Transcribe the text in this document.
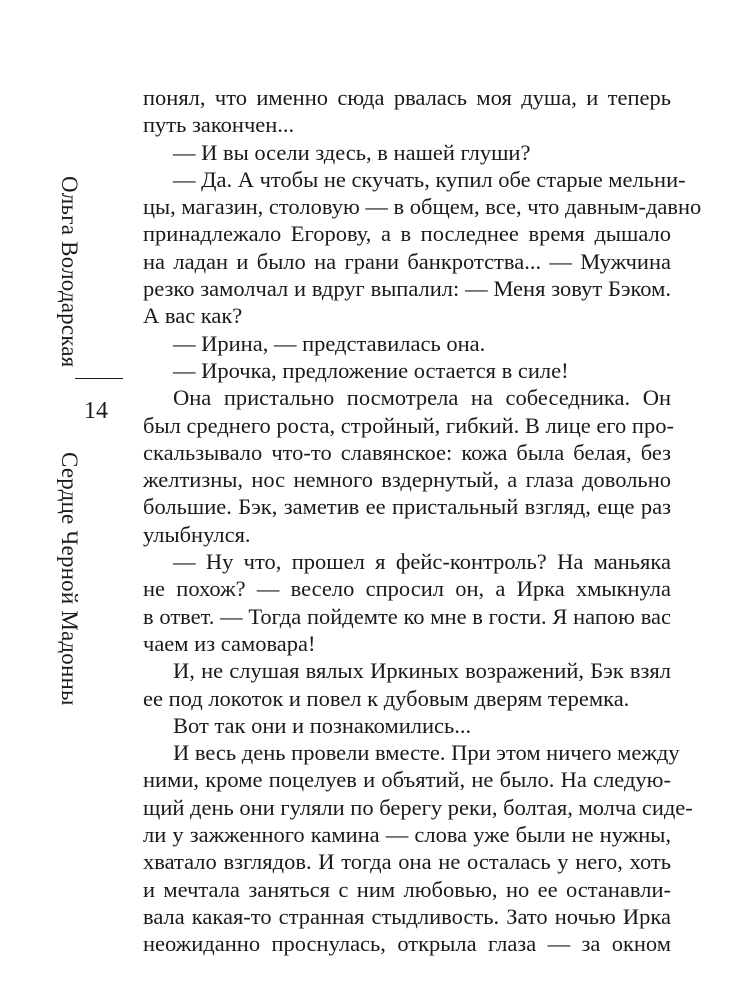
Ольга Володарская
14
Сердце Черной Мадонны
понял, что именно сюда рвалась моя душа, и теперь
путь закончен...
— И вы осели здесь, в нашей глуши?
— Да. А чтобы не скучать, купил обе старые мельни-
цы, магазин, столовую — в общем, все, что давным-давно
принадлежало Егорову, а в последнее время дышало
на ладан и было на грани банкротства... — Мужчина
резко замолчал и вдруг выпалил: — Меня зовут Бэком.
А вас как?
— Ирина, — представилась она.
— Ирочка, предложение остается в силе!
Она пристально посмотрела на собеседника. Он
был среднего роста, стройный, гибкий. В лице его про-
скальзывало что-то славянское: кожа была белая, без
желтизны, нос немного вздернутый, а глаза довольно
большие. Бэк, заметив ее пристальный взгляд, еще раз
улыбнулся.
— Ну что, прошел я фейс-контроль? На маньяка
не похож? — весело спросил он, а Ирка хмыкнула
в ответ. — Тогда пойдемте ко мне в гости. Я напою вас
чаем из самовара!
И, не слушая вялых Иркиных возражений, Бэк взял
ее под локоток и повел к дубовым дверям теремка.
Вот так они и познакомились...
И весь день провели вместе. При этом ничего между
ними, кроме поцелуев и объятий, не было. На следую-
щий день они гуляли по берегу реки, болтая, молча сиде-
ли у зажженного камина — слова уже были не нужны,
хватало взглядов. И тогда она не осталась у него, хоть
и мечтала заняться с ним любовью, но ее останавли-
вала какая-то странная стыдливость. Зато ночью Ирка
неожиданно проснулась, открыла глаза — за окном
